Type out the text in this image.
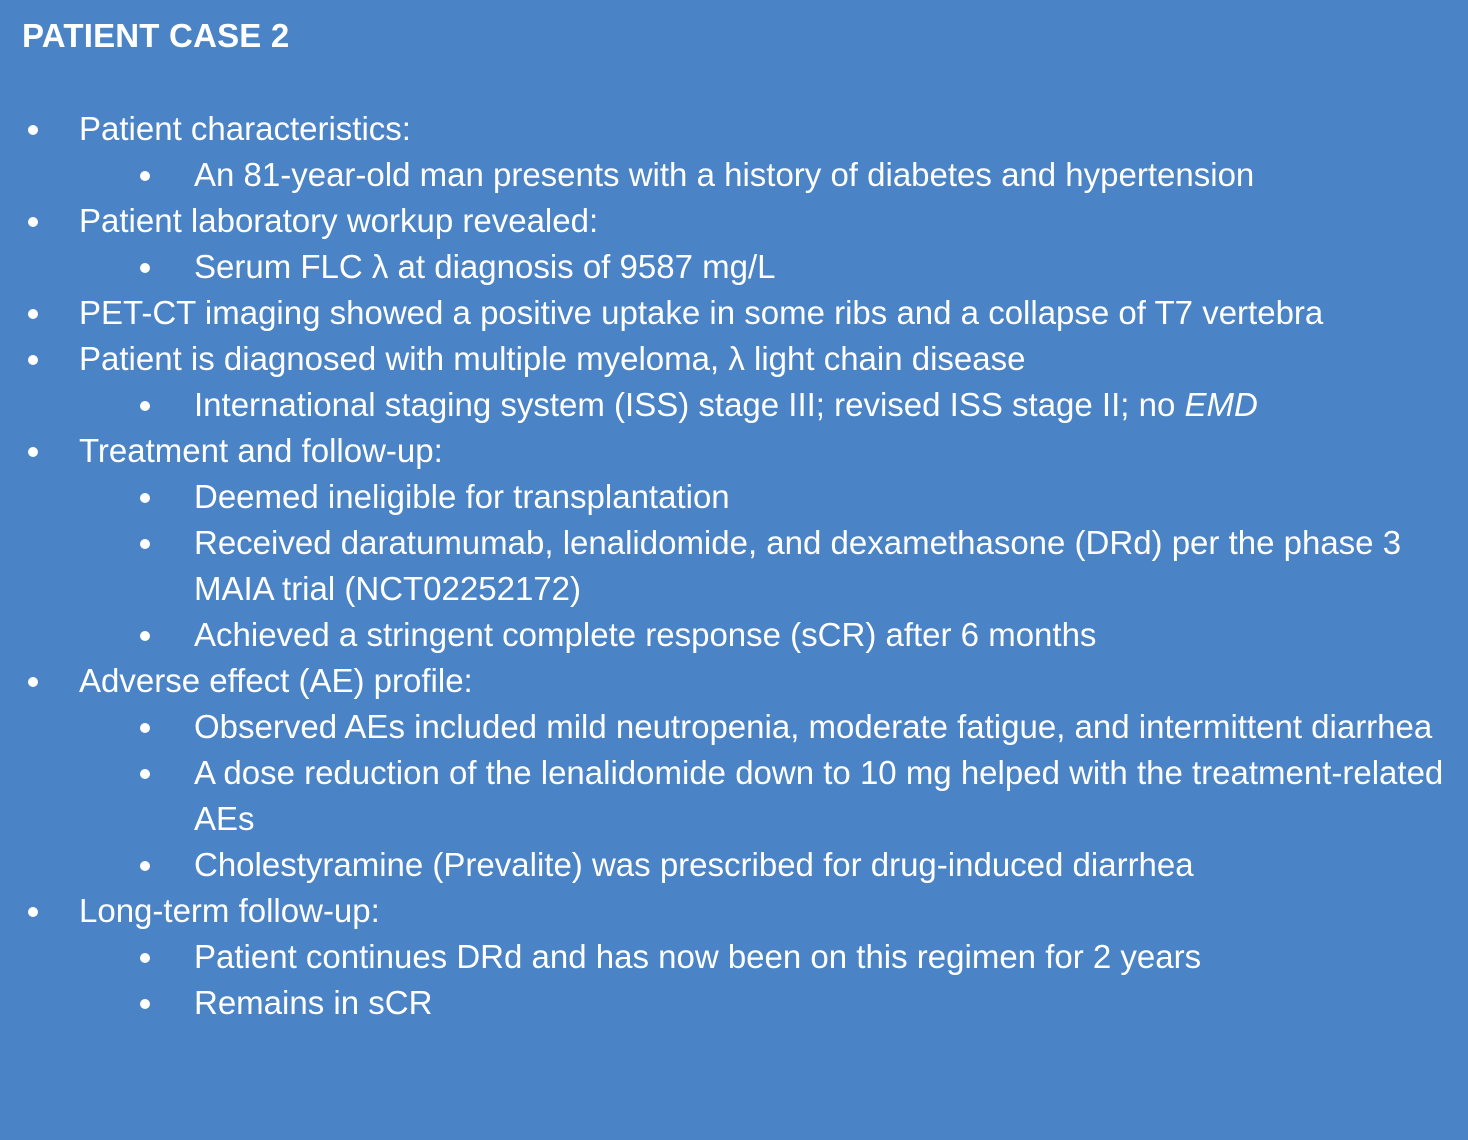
PATIENT CASE 2
Patient characteristics:
An 81-year-old man presents with a history of diabetes and hypertension
Patient laboratory workup revealed:
Serum FLC λ at diagnosis of 9587 mg/L
PET-CT imaging showed a positive uptake in some ribs and a collapse of T7 vertebra
Patient is diagnosed with multiple myeloma, λ light chain disease
International staging system (ISS) stage III; revised ISS stage II; no EMD
Treatment and follow-up:
Deemed ineligible for transplantation
Received daratumumab, lenalidomide, and dexamethasone (DRd) per the phase 3 MAIA trial (NCT02252172)
Achieved a stringent complete response (sCR) after 6 months
Adverse effect (AE) profile:
Observed AEs included mild neutropenia, moderate fatigue, and intermittent diarrhea
A dose reduction of the lenalidomide down to 10 mg helped with the treatment-related AEs
Cholestyramine (Prevalite) was prescribed for drug-induced diarrhea
Long-term follow-up:
Patient continues DRd and has now been on this regimen for 2 years
Remains in sCR
